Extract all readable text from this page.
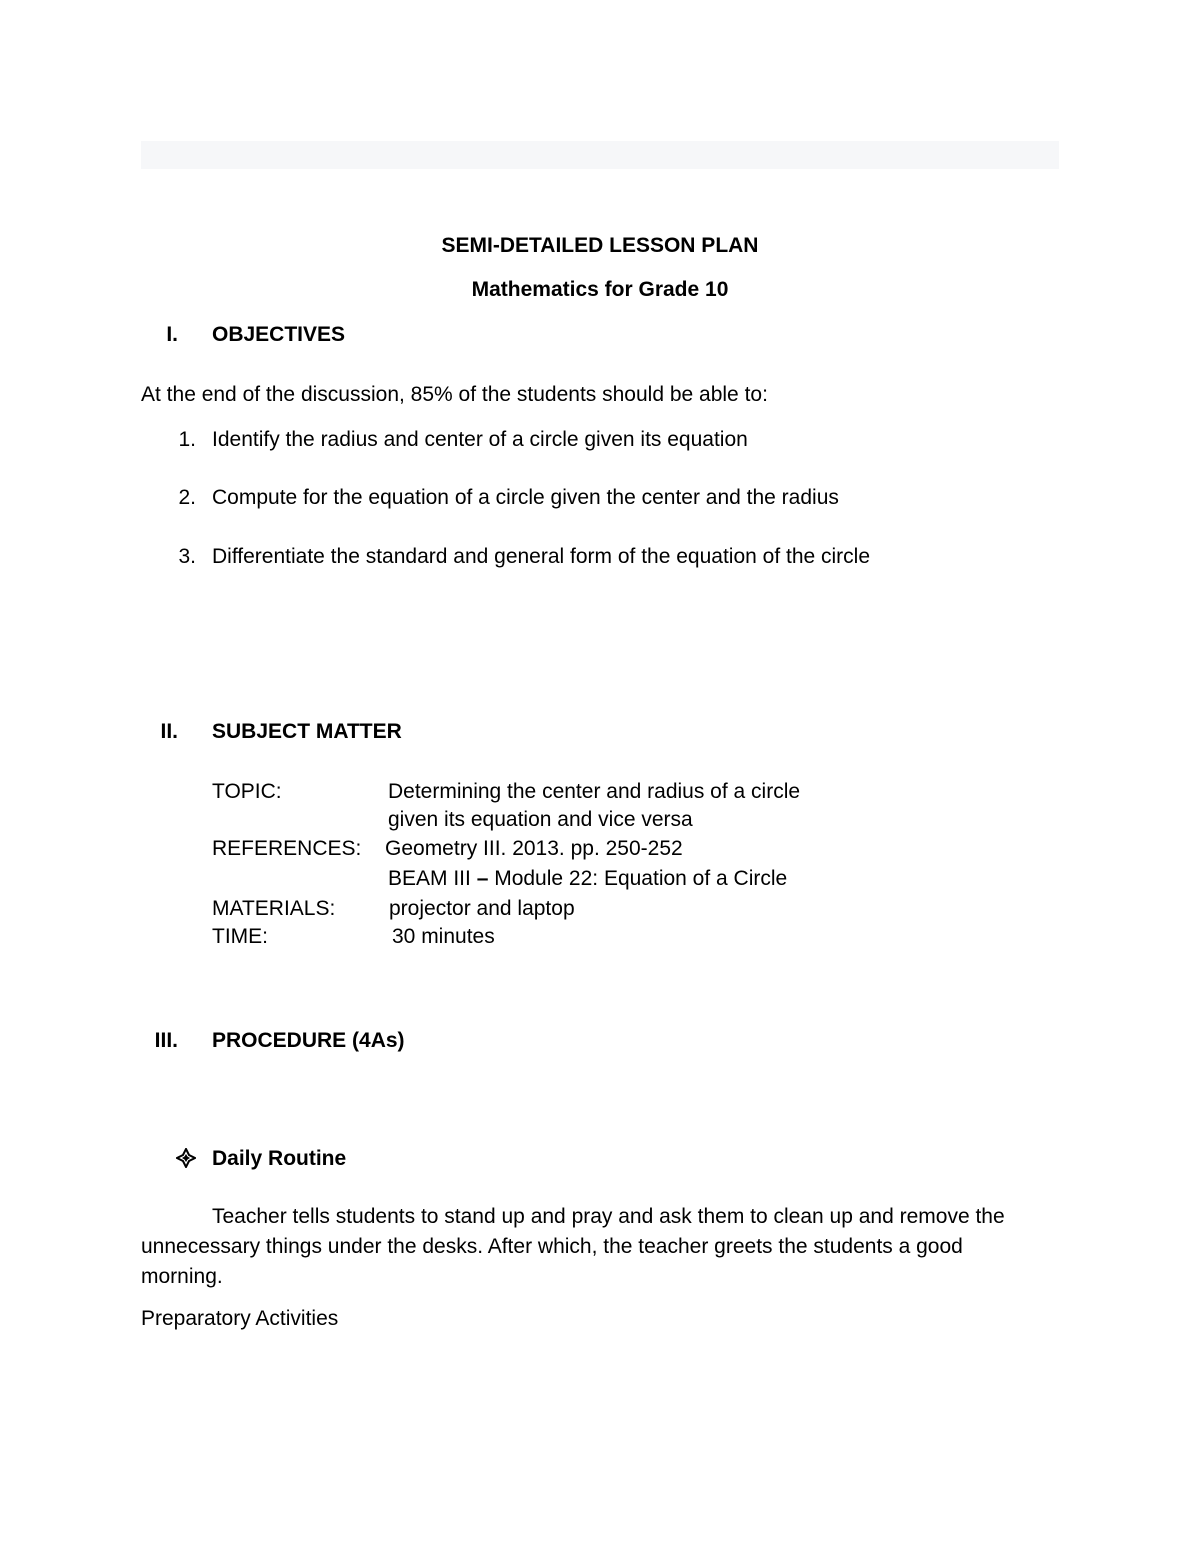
SEMI-DETAILED LESSON PLAN
Mathematics for Grade 10
I. OBJECTIVES
At the end of the discussion, 85% of the students should be able to:
1. Identify the radius and center of a circle given its equation
2. Compute for the equation of a circle given the center and the radius
3. Differentiate the standard and general form of the equation of the circle
II. SUBJECT MATTER
TOPIC:	Determining the center and radius of a circle
given its equation and vice versa
REFERENCES: Geometry III. 2013. pp. 250-252
BEAM III – Module 22: Equation of a Circle
MATERIALS:	projector and laptop
TIME:	30 minutes
III. PROCEDURE (4As)
Daily Routine
Teacher tells students to stand up and pray and ask them to clean up and remove the unnecessary things under the desks. After which, the teacher greets the students a good morning.
Preparatory Activities
